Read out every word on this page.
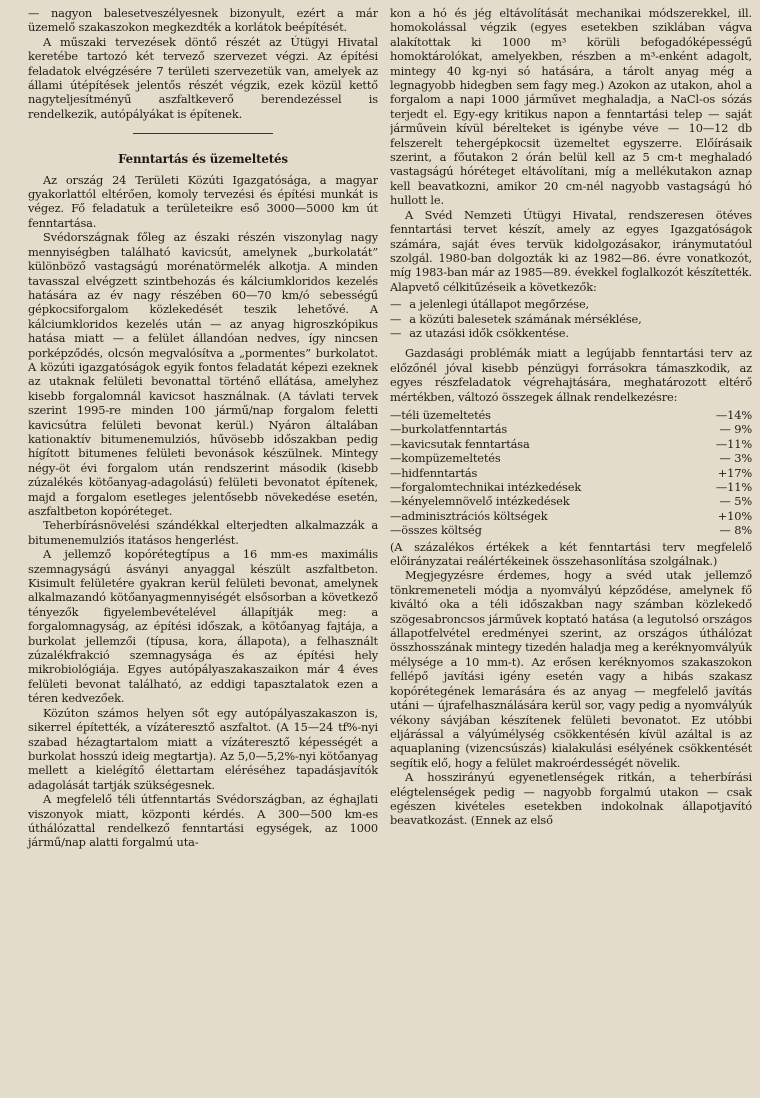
— nagyon balesetveszélyesnek bizonyult, ezért a már üzemelő szakaszokon megkezdték a korlátok beépítését.

A műszaki tervezések döntő részét az Útügyi Hivatal keretébe tartozó két tervező szervezet végzi. Az építési feladatok elvégzésére 7 területi szervezetük van, amelyek az állami útépítések jelentős részét végzik, ezek közül kettő nagyteljesítményű aszfaltkeverő berendezéssel is rendelkezik, autópályákat is építenek.

Fenntartás és üzemeltetés

Az ország 24 Területi Közúti Igazgatósága, a magyar gyakorlattól eltérően, komoly tervezési és építési munkát is végez. Fő feladatuk a területeikre eső 3000—5000 km út fenntartása.

Svédországnak főleg az északi részén viszonylag nagy mennyiségben található kavicsút, amelynek „burkolatát” különböző vastagságú morénatörmelék alkotja. A minden tavasszal elvégzett szintbehozás és kálciumkloridos kezelés hatására az év nagy részében 60—70 km/ó sebességű gépkocsiforgalom közlekedését teszik lehetővé. A kálciumkloridos kezelés után — az anyag higroszkópikus hatása miatt — a felület állandóan nedves, így nincsen porképződés, olcsón megvalósítva a „pormentes” burkolatot. A közúti igazgatóságok egyik fontos feladatát képezi ezeknek az utaknak felületi bevonattal történő ellátása, amelyhez kisebb forgalomnál kavicsot használnak. (A távlati tervek szerint 1995-re minden 100 jármű/nap forgalom feletti kavicsútra felületi bevonat kerül.) Nyáron általában kationaktív bitumenemulziós, hűvösebb időszakban pedig hígított bitumenes felületi bevonások készülnek. Mintegy négy-öt évi forgalom után rendszerint második (kisebb zúzalékés kötőanyag-adagolású) felületi bevonatot építenek, majd a forgalom esetleges jelentősebb növekedése esetén, aszfaltbeton kopóréteget.

Teherbírásnövelési szándékkal elterjedten alkalmazzák a bitumenemulziós itatásos hengerlést.

A jellemző kopórétegtípus a 16 mm-es maximális szemnagyságú ásványi anyaggal készült aszfaltbeton. Kisimult felületére gyakran kerül felületi bevonat, amelynek alkalmazandó kötőanyagmennyiségét elsősorban a következő tényezők figyelembevételével állapítják meg: a forgalomnagyság, az építési időszak, a kötőanyag fajtája, a burkolat jellemzői (típusa, kora, állapota), a felhasznált zúzalékfrakció szemnagysága és az építési hely mikrobiológiája. Egyes autópályaszakaszaikon már 4 éves felületi bevonat található, az eddigi tapasztalatok ezen a téren kedvezőek.

Közúton számos helyen sőt egy autópályaszakaszon is, sikerrel építették, a vízáteresztő aszfaltot. (A 15—24 tf%-nyi szabad hézagtartalom miatt a vízáteresztő képességét a burkolat hosszú ideig megtartja). Az 5,0—5,2%-nyi kötőanyag mellett a kielégítő élettartam eléréséhez tapadásjavítók adagolását tartják szükségesnek.

A megfelelő téli útfenntartás Svédországban, az éghajlati viszonyok miatt, központi kérdés. A 300—500 km-es úthálózattal rendelkező fenntartási egységek, az 1000 jármű/nap alatti forgalmú uta-

kon a hó és jég eltávolítását mechanikai módszerekkel, ill. homokolással végzik (egyes esetekben sziklában vágva alakítottak ki 1000 m³ körüli befogadóképességű homoktárolókat, amelyekben, részben a m³-enként adagolt, mintegy 40 kg-nyi só hatására, a tárolt anyag még a legnagyobb hidegben sem fagy meg.) Azokon az utakon, ahol a forgalom a napi 1000 járművet meghaladja, a NaCl-os sózás terjedt el. Egy-egy kritikus napon a fenntartási telep — saját járművein kívül bérelteket is igénybe véve — 10—12 db felszerelt tehergépkocsit üzemeltet egyszerre. Előírásaik szerint, a főutakon 2 órán belül kell az 5 cm-t meghaladó vastagságú hóréteget eltávolítani, míg a mellékutakon aznap kell beavatkozni, amikor 20 cm-nél nagyobb vastagságú hó hullott le.

A Svéd Nemzeti Útügyi Hivatal, rendszeresen ötéves fenntartási tervet készít, amely az egyes Igazgatóságok számára, saját éves tervük kidolgozásakor, iránymutatóul szolgál. 1980-ban dolgozták ki az 1982—86. évre vonatkozót, míg 1983-ban már az 1985—89. évekkel foglalkozót készítették. Alapvető célkitűzéseik a következők:

— a jelenlegi útállapot megőrzése,
— a közúti balesetek számának mérséklése,
— az utazási idők csökkentése.

Gazdasági problémák miatt a legújabb fenntartási terv az előzőnél jóval kisebb pénzügyi forrásokra támaszkodik, az egyes részfeladatok végrehajtására, meghatározott eltérő mértékben, változó összegek állnak rendelkezésre:

—	téli üzemeltetés		—14%
—	burkolatfenntartás		— 9%
—	kavicsutak fenntartása		—11%
—	kompüzemeltetés		— 3%
—	hidfenntartás		+17%
—	forgalomtechnikai intézkedések		—11%
—	kényelemnövelő intézkedések		— 5%
—	adminisztrációs költségek		+10%
—	összes költség		— 8%

(A százalékos értékek a két fenntartási terv megfelelő előirányzatai reálértékeinek összehasonlítása szolgálnak.)

Megjegyzésre érdemes, hogy a svéd utak jellemző tönkremeneteli módja a nyomvályú képződése, amelynek fő kiváltó oka a téli időszakban nagy számban közlekedő szögesabroncsos járművek koptató hatása (a legutolsó országos állapotfelvétel eredményei szerint, az országos úthálózat összhosszának mintegy tizedén haladja meg a keréknyomvályúk mélysége a 10 mm-t). Az erősen keréknyomos szakaszokon fellépő javítási igény esetén vagy a hibás szakasz kopórétegének lemarására és az anyag — megfelelő javítás utáni — újrafelhasználására kerül sor, vagy pedig a nyomvályúk vékony sávjában készítenek felületi bevonatot. Ez utóbbi eljárással a vályúmélység csökkentésén kívül azáltal is az aquaplaning (vizencsúszás) kialakulási esélyének csökkentését segítik elő, hogy a felület makroérdességét növelik.

A hosszirányú egyenetlenségek ritkán, a teherbírási elégtelenségek pedig — nagyobb forgalmú utakon — csak egészen kivételes esetekben indokolnak állapotjavító beavatkozást. (Ennek az első
